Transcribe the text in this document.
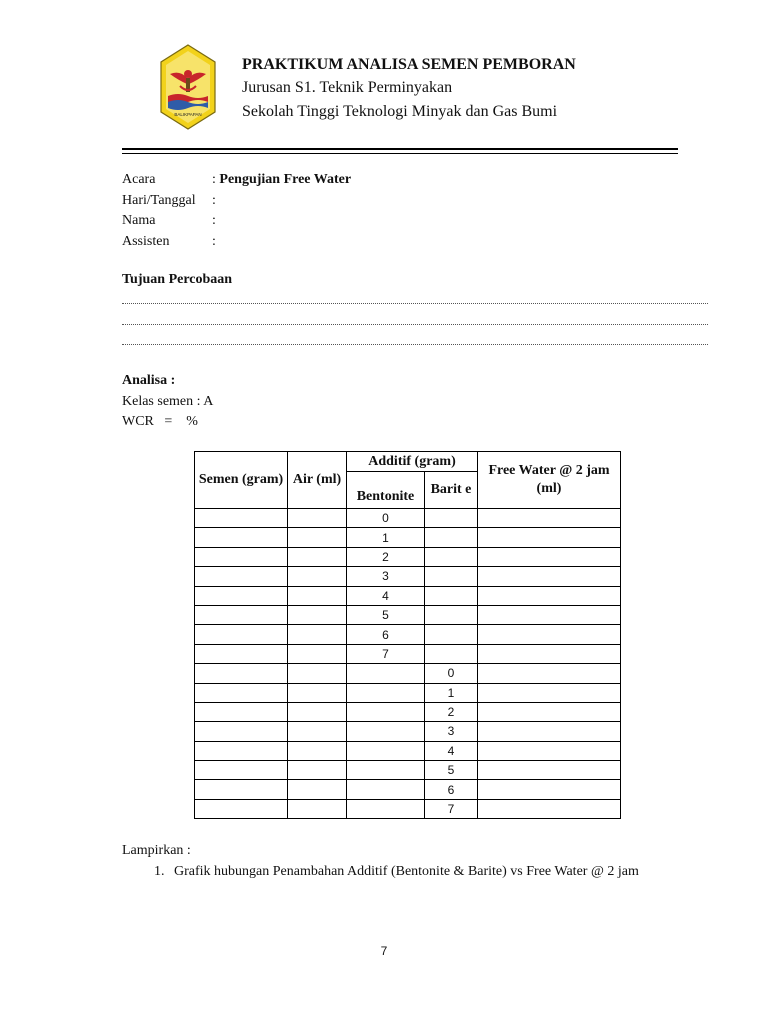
BALIKPAPAN
PRAKTIKUM ANALISA SEMEN PEMBORAN
Jurusan S1. Teknik Perminyakan
Sekolah Tinggi Teknologi Minyak dan Gas Bumi
Acara	: Pengujian Free Water
Hari/Tanggal :
Nama	:
Assisten	:
Tujuan Percobaan
Analisa :
Kelas semen : A
WCR   =    %
Semen (gram)	Air (ml)	Additif (gram)		Free Water @ 2 jam (ml)
		Bentonite	Barit e	
		0		
		1		
		2		
		3		
		4		
		5		
		6		
		7		
			0	
			1	
			2	
			3	
			4	
			5	
			6	
			7	
Lampirkan :
1. Grafik hubungan Penambahan Additif (Bentonite & Barite) vs Free Water @ 2 jam
7
